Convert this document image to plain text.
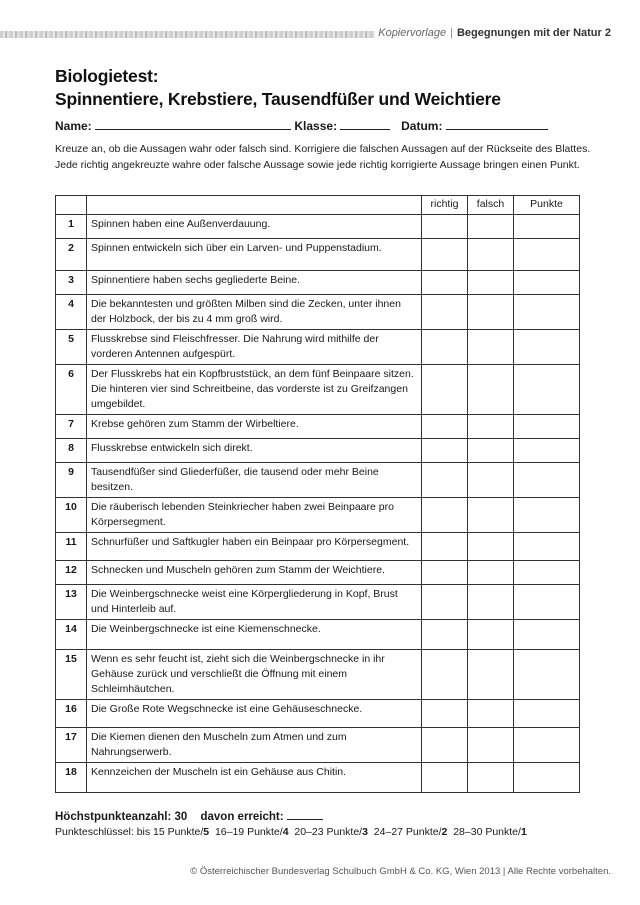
Kopiervorlage | Begegnungen mit der Natur 2
Biologietest:
Spinnentiere, Krebstiere, Tausendfüßer und Weichtiere
Name:	Klasse:	Datum:
Kreuze an, ob die Aussagen wahr oder falsch sind. Korrigiere die falschen Aussagen auf der Rückseite des Blattes.
Jede richtig angekreuzte wahre oder falsche Aussage sowie jede richtig korrigierte Aussage bringen einen Punkt.
		richtig	falsch	Punkte
1	Spinnen haben eine Außenverdauung.			
2	Spinnen entwickeln sich über ein Larven- und Puppenstadium.			
3	Spinnentiere haben sechs gegliederte Beine.			
4	Die bekanntesten und größten Milben sind die Zecken, unter ihnen der Holzbock, der bis zu 4 mm groß wird.			
5	Flusskrebse sind Fleischfresser. Die Nahrung wird mithilfe der vorderen Antennen aufgespürt.			
6	Der Flusskrebs hat ein Kopfbruststück, an dem fünf Beinpaare sitzen. Die hinteren vier sind Schreitbeine, das vorderste ist zu Greifzangen umgebildet.			
7	Krebse gehören zum Stamm der Wirbeltiere.			
8	Flusskrebse entwickeln sich direkt.			
9	Tausendfüßer sind Gliederfüßer, die tausend oder mehr Beine besitzen.			
10	Die räuberisch lebenden Steinkriecher haben zwei Beinpaare pro Körpersegment.			
11	Schnurfüßer und Saftkugler haben ein Beinpaar pro Körpersegment.			
12	Schnecken und Muscheln gehören zum Stamm der Weichtiere.			
13	Die Weinbergschnecke weist eine Körpergliederung in Kopf, Brust und Hinterleib auf.			
14	Die Weinbergschnecke ist eine Kiemenschnecke.			
15	Wenn es sehr feucht ist, zieht sich die Weinbergschnecke in ihr Gehäuse zurück und verschließt die Öffnung mit einem Schleimhäutchen.			
16	Die Große Rote Wegschnecke ist eine Gehäuseschnecke.			
17	Die Kiemen dienen den Muscheln zum Atmen und zum Nahrungserwerb.			
18	Kennzeichen der Muscheln ist ein Gehäuse aus Chitin.			
Höchstpunkteanzahl: 30 davon erreicht:
Punkteschlüssel: bis 15 Punkte/5 16–19 Punkte/4 20–23 Punkte/3 24–27 Punkte/2 28–30 Punkte/1
© Österreichischer Bundesverlag Schulbuch GmbH & Co. KG, Wien 2013 | Alle Rechte vorbehalten.
